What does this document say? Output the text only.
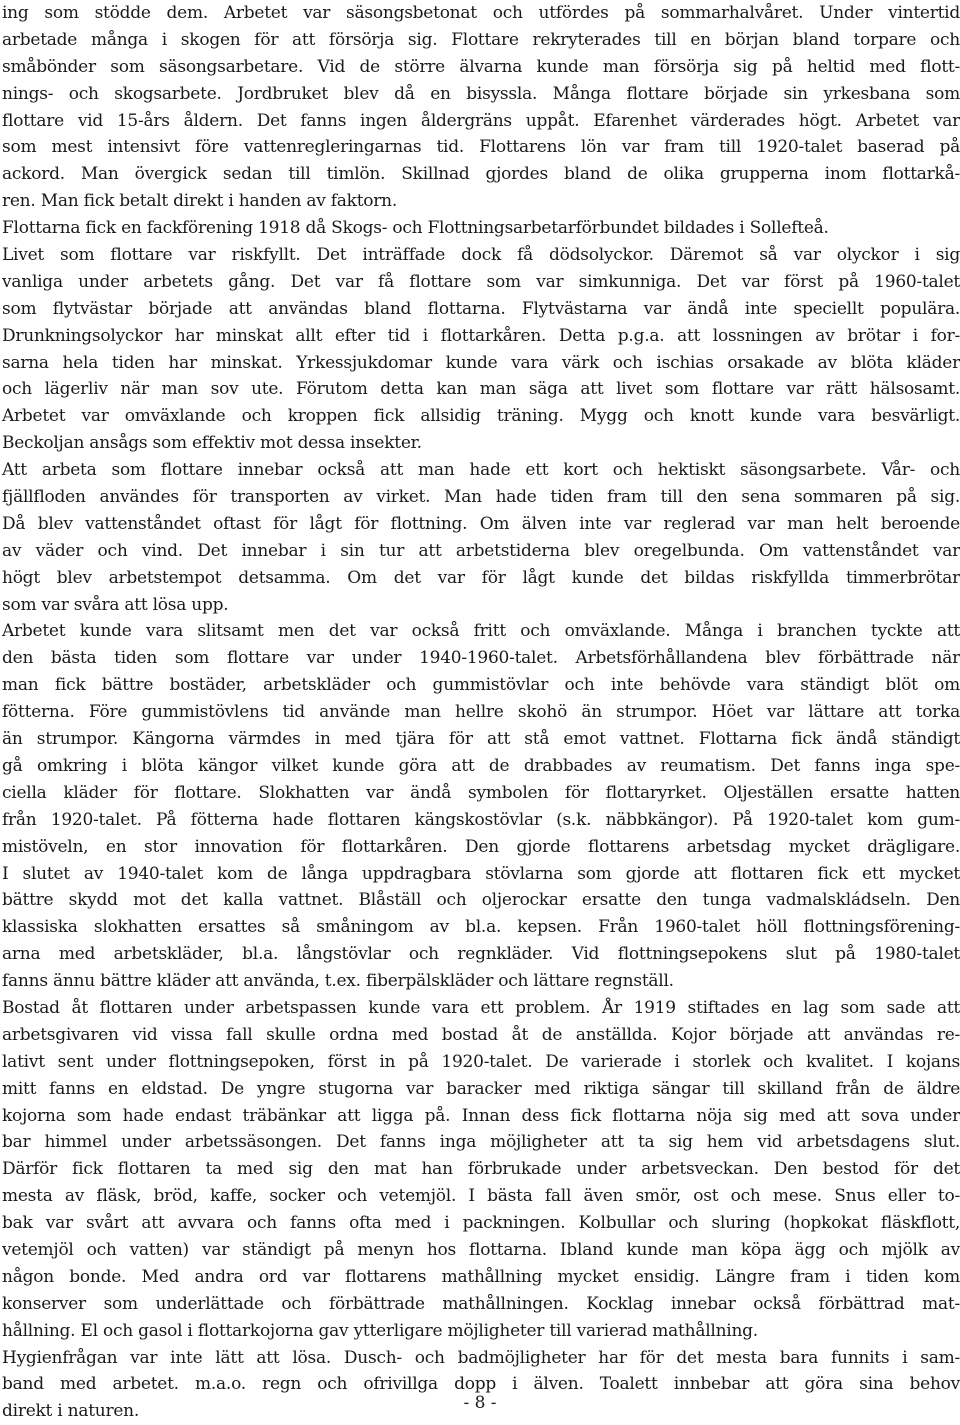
ing som stödde dem. Arbetet var säsongsbetonat och utfördes på sommarhalvåret. Under vintertid
arbetade många i skogen för att försörja sig. Flottare rekryterades till en början bland torpare och
småbönder som säsongsarbetare. Vid de större älvarna kunde man försörja sig på heltid med flott-
nings- och skogsarbete. Jordbruket blev då en bisyssla. Många flottare började sin yrkesbana som
flottare vid 15-års åldern. Det fanns ingen åldergräns uppåt. Efarenhet värderades högt. Arbetet var
som mest intensivt före vattenregleringarnas tid. Flottarens lön var fram till 1920-talet baserad på
ackord. Man övergick sedan till timlön. Skillnad gjordes bland de olika grupperna inom flottarkå-
ren. Man fick betalt direkt i handen av faktorn.
Flottarna fick en fackförening 1918 då Skogs- och Flottningsarbetarförbundet bildades i Sollefteå.
Livet som flottare var riskfyllt. Det inträffade dock få dödsolyckor. Däremot så var olyckor i sig
vanliga under arbetets gång. Det var få flottare som var simkunniga. Det var först på 1960-talet
som flytvästar började att användas bland flottarna. Flytvästarna var ändå inte speciellt populära.
Drunkningsolyckor har minskat allt efter tid i flottarkåren. Detta p.g.a. att lossningen av brötar i for-
sarna hela tiden har minskat. Yrkessjukdomar kunde vara värk och ischias orsakade av blöta kläder
och lägerliv när man sov ute. Förutom detta kan man säga att livet som flottare var rätt hälsosamt.
Arbetet var omväxlande och kroppen fick allsidig träning. Mygg och knott kunde vara besvärligt.
Beckoljan ansågs som effektiv mot dessa insekter.
Att arbeta som flottare innebar också att man hade ett kort och hektiskt säsongsarbete. Vår- och
fjällfloden användes för transporten av virket. Man hade tiden fram till den sena sommaren på sig.
Då blev vattenståndet oftast för lågt för flottning. Om älven inte var reglerad var man helt beroende
av väder och vind. Det innebar i sin tur att arbetstiderna blev oregelbunda. Om vattenståndet var
högt blev arbetstempot detsamma. Om det var för lågt kunde det bildas riskfyllda timmerbrötar
som var svåra att lösa upp.
Arbetet kunde vara slitsamt men det var också fritt och omväxlande. Många i branchen tyckte att
den bästa tiden som flottare var under 1940-1960-talet. Arbetsförhållandena blev förbättrade när
man fick bättre bostäder, arbetskläder och gummistövlar och inte behövde vara ständigt blöt om
fötterna. Före gummistövlens tid använde man hellre skohö än strumpor. Höet var lättare att torka
än strumpor. Kängorna värmdes in med tjära för att stå emot vattnet. Flottarna fick ändå ständigt
gå omkring i blöta kängor vilket kunde göra att de drabbades av reumatism. Det fanns inga spe-
ciella kläder för flottare. Slokhatten var ändå symbolen för flottaryrket. Oljeställen ersatte hatten
från 1920-talet. På fötterna hade flottaren kängskostövlar (s.k. näbbkängor). På 1920-talet kom gum-
mistöveln, en stor innovation för flottarkåren. Den gjorde flottarens arbetsdag mycket drägligare.
I slutet av 1940-talet kom de långa uppdragbara stövlarna som gjorde att flottaren fick ett mycket
bättre skydd mot det kalla vattnet. Blåställ och oljerockar ersatte den tunga vadmalskládseln. Den
klassiska slokhatten ersattes så småningom av bl.a. kepsen. Från 1960-talet höll flottningsförening-
arna med arbetskläder, bl.a. långstövlar och regnkläder. Vid flottningsepokens slut på 1980-talet
fanns ännu bättre kläder att använda, t.ex. fiberpälskläder och lättare regnställ.
Bostad åt flottaren under arbetspassen kunde vara ett problem. År 1919 stiftades en lag som sade att
arbetsgivaren vid vissa fall skulle ordna med bostad åt de anställda. Kojor började att användas re-
lativt sent under flottningsepoken, först in på 1920-talet. De varierade i storlek och kvalitet. I kojans
mitt fanns en eldstad. De yngre stugorna var baracker med riktiga sängar till skilland från de äldre
kojorna som hade endast träbänkar att ligga på. Innan dess fick flottarna nöja sig med att sova under
bar himmel under arbetssäsongen. Det fanns inga möjligheter att ta sig hem vid arbetsdagens slut.
Därför fick flottaren ta med sig den mat han förbrukade under arbetsveckan. Den bestod för det
mesta av fläsk, bröd, kaffe, socker och vetemjöl. I bästa fall även smör, ost och mese. Snus eller to-
bak var svårt att avvara och fanns ofta med i packningen. Kolbullar och sluring (hopkokat fläskflott,
vetemjöl och vatten) var ständigt på menyn hos flottarna. Ibland kunde man köpa ägg och mjölk av
någon bonde. Med andra ord var flottarens mathållning mycket ensidig. Längre fram i tiden kom
konserver som underlättade och förbättrade mathållningen. Kocklag innebar också förbättrad mat-
hållning. El och gasol i flottarkojorna gav ytterligare möjligheter till varierad mathållning.
Hygienfrågan var inte lätt att lösa. Dusch- och badmöjligheter har för det mesta bara funnits i sam-
band med arbetet. m.a.o. regn och ofrivillga dopp i älven. Toalett innbebar att göra sina behov
direkt i naturen.	- 8 -
